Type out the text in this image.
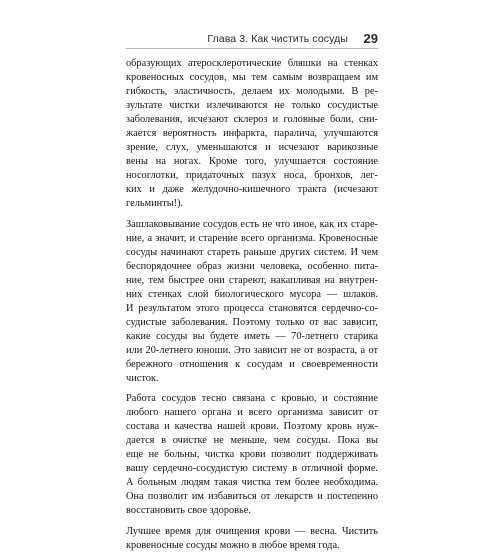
Глава 3. Как чистить сосуды 29
образующих атеросклеротические бляшки на стенках
кровеносных сосудов, мы тем самым возвращаем им
гибкость, эластичность, делаем их молодыми. В ре-
зультате чистки излечиваются не только сосудистые
заболевания, исчезают склероз и головные боли, сни-
жается вероятность инфаркта, паралича, улучшаются
зрение, слух, уменьшаются и исчезают варикозные
вены на ногах. Кроме того, улучшается состояние
носоглотки, придаточных пазух носа, бронхов, лег-
ких и даже желудочно-кишечного тракта (исчезают
гельминты!).
Зашлаковывание сосудов есть не что иное, как их старе-
ние, а значит, и старение всего организма. Кровеносные
сосуды начинают стареть раньше других систем. И чем
беспорядочнее образ жизни человека, особенно пита-
ние, тем быстрее они стареют, накапливая на внутрен-
них стенках слой биологического мусора — шлаков.
И результатом этого процесса становятся сердечно-со-
судистые заболевания. Поэтому только от вас зависит,
какие сосуды вы будете иметь — 70-летнего старика
или 20-летнего юноши. Это зависит не от возраста, а от
бережного отношения к сосудам и своевременности
чисток.
Работа сосудов тесно связана с кровью, и состояние
любого нашего органа и всего организма зависит от
состава и качества нашей крови. Поэтому кровь нуж-
дается в очистке не меньше, чем сосуды. Пока вы
еще не больны, чистка крови позволит поддерживать
вашу сердечно-сосудистую систему в отличной форме.
А больным людям такая чистка тем более необходима.
Она позволит им избавиться от лекарств и постепенно
восстановить свое здоровье.
Лучшее время для очищения крови — весна. Чистить
кровеносные сосуды можно в любое время года.
